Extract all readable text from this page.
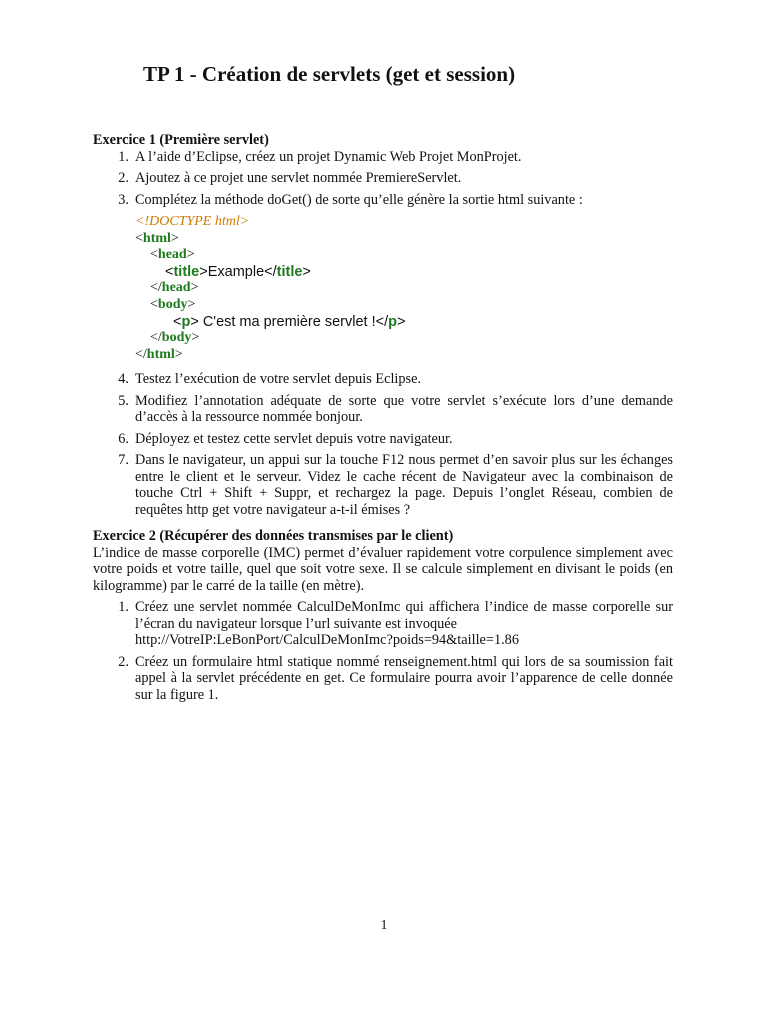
TP 1 - Création de servlets (get et session)

Exercice 1 (Première servlet)

1. A l’aide d’Eclipse, créez un projet Dynamic Web Projet MonProjet.
2. Ajoutez à ce projet une servlet nommée PremiereServlet.
3. Complétez la méthode doGet() de sorte qu’elle génère la sortie html suivante :
<!DOCTYPE html>
<html>
<head>
<title>Example</title>
</head>
<body>
<p> C'est ma première servlet !</p>
</body>
</html>
4. Testez l’exécution de votre servlet depuis Eclipse.
5. Modifiez l’annotation adéquate de sorte que votre servlet s’exécute lors d’une demande d’accès à la ressource nommée bonjour.
6. Déployez et testez cette servlet depuis votre navigateur.
7. Dans le navigateur, un appui sur la touche F12 nous permet d’en savoir plus sur les échanges entre le client et le serveur. Videz le cache récent de Navigateur avec la combinaison de touche Ctrl + Shift + Suppr, et rechargez la page. Depuis l’onglet Réseau, combien de requêtes http get votre navigateur a-t-il émises ?

Exercice 2 (Récupérer des données transmises par le client)

L’indice de masse corporelle (IMC) permet d’évaluer rapidement votre corpulence simplement avec votre poids et votre taille, quel que soit votre sexe. Il se calcule simplement en divisant le poids (en kilogramme) par le carré de la taille (en mètre).

1. Créez une servlet nommée CalculDeMonImc qui affichera l’indice de masse corporelle sur l’écran du navigateur lorsque l’url suivante est invoquée
http://VotreIP:LeBonPort/CalculDeMonImc?poids=94&taille=1.86
2. Créez un formulaire html statique nommé renseignement.html qui lors de sa soumission fait appel à la servlet précédente en get. Ce formulaire pourra avoir l’apparence de celle donnée sur la figure 1.
1
